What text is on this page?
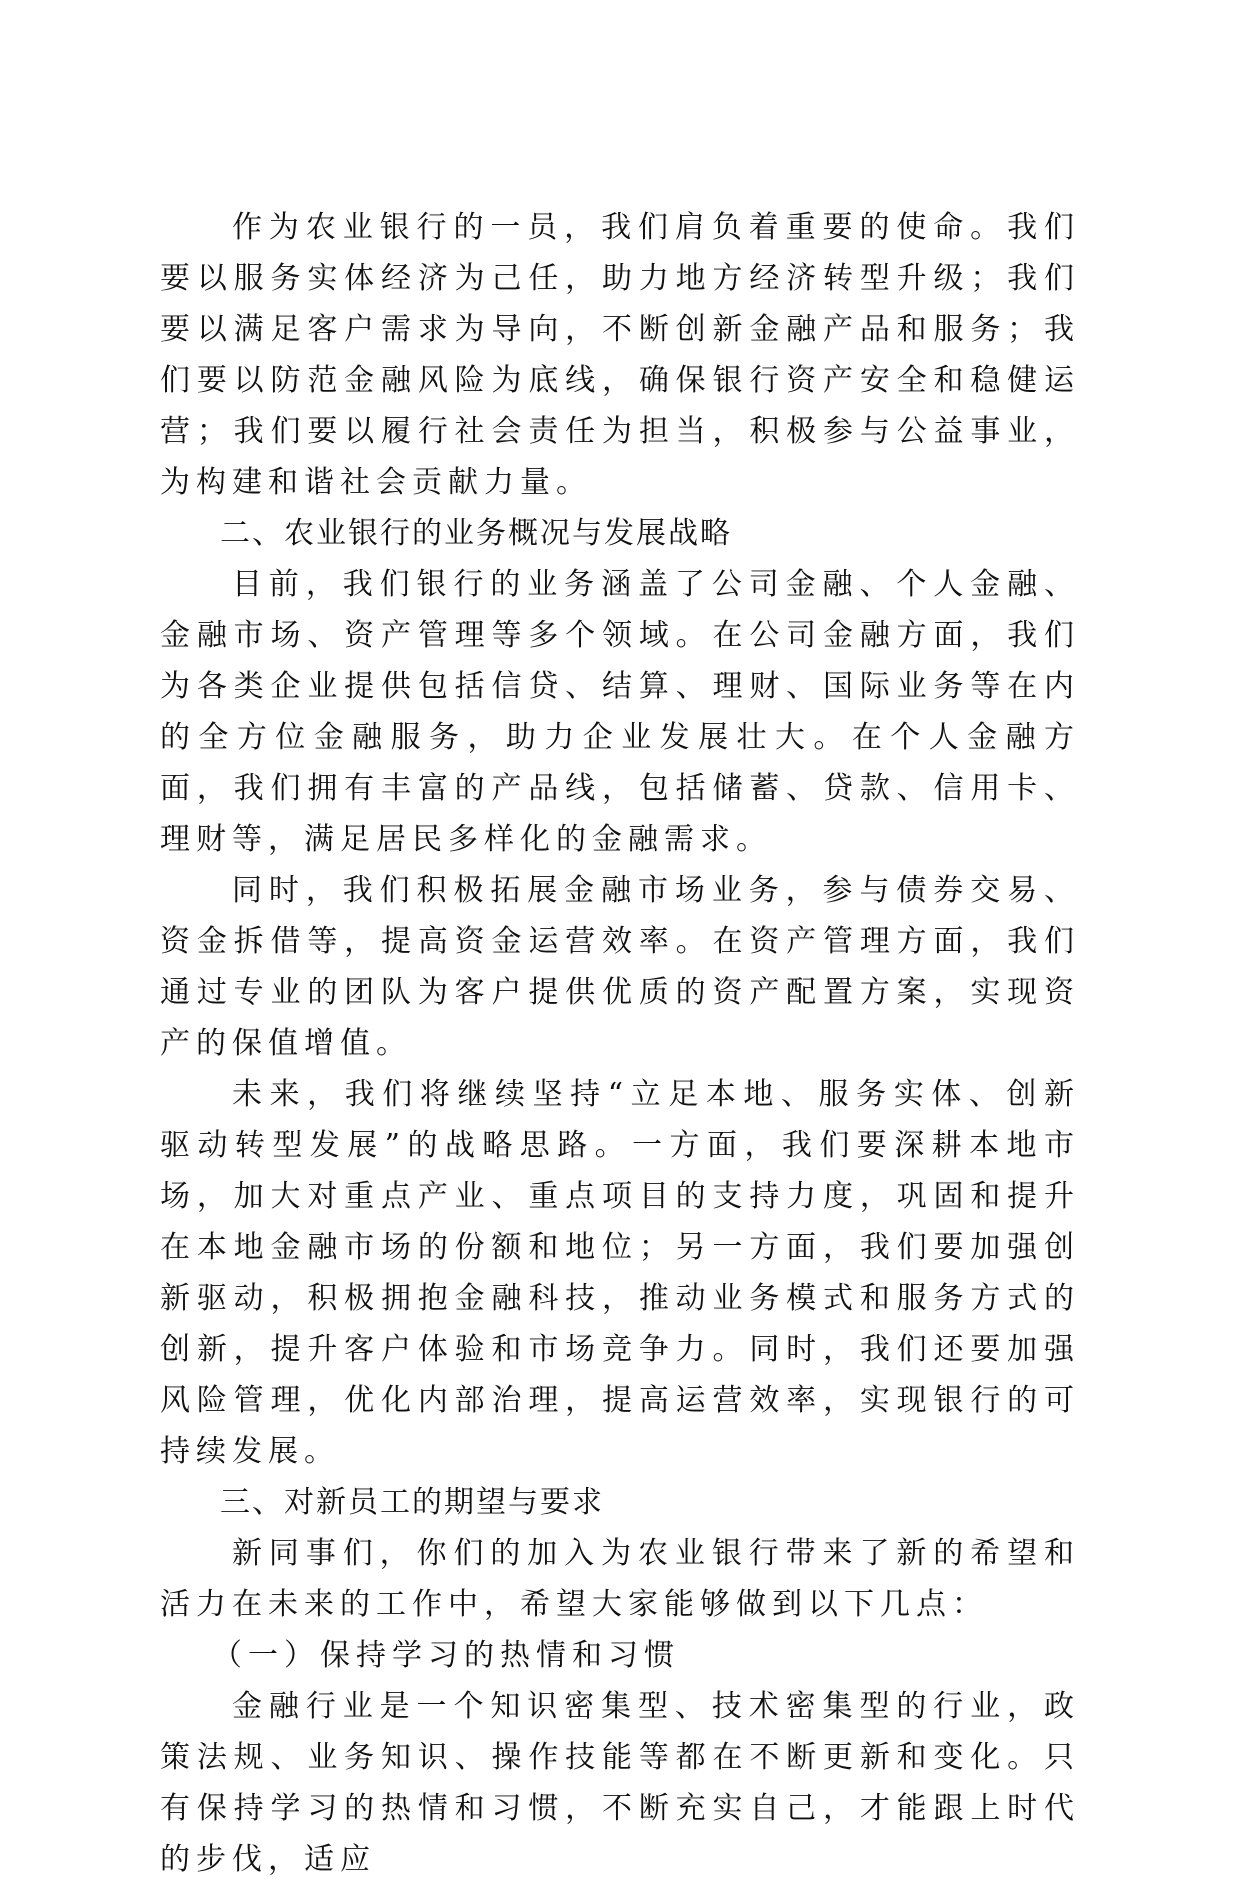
作为农业银行的一员，我们肩负着重要的使命。我们要以服务实体经济为己任，助力地方经济转型升级；我们要以满足客户需求为导向，不断创新金融产品和服务；我们要以防范金融风险为底线，确保银行资产安全和稳健运营；我们要以履行社会责任为担当，积极参与公益事业，为构建和谐社会贡献力量。

二、农业银行的业务概况与发展战略

目前，我们银行的业务涵盖了公司金融、个人金融、金融市场、资产管理等多个领域。在公司金融方面，我们为各类企业提供包括信贷、结算、理财、国际业务等在内的全方位金融服务，助力企业发展壮大。在个人金融方面，我们拥有丰富的产品线，包括储蓄、贷款、信用卡、理财等，满足居民多样化的金融需求。

同时，我们积极拓展金融市场业务，参与债券交易、资金拆借等，提高资金运营效率。在资产管理方面，我们通过专业的团队为客户提供优质的资产配置方案，实现资产的保值增值。

未来，我们将继续坚持“立足本地、服务实体、创新驱动转型发展”的战略思路。一方面，我们要深耕本地市场，加大对重点产业、重点项目的支持力度，巩固和提升在本地金融市场的份额和地位；另一方面，我们要加强创新驱动，积极拥抱金融科技，推动业务模式和服务方式的创新，提升客户体验和市场竞争力。同时，我们还要加强风险管理，优化内部治理，提高运营效率，实现银行的可持续发展。

三、对新员工的期望与要求

新同事们，你们的加入为农业银行带来了新的希望和活力在未来的工作中，希望大家能够做到以下几点：

（一）保持学习的热情和习惯

金融行业是一个知识密集型、技术密集型的行业，政策法规、业务知识、操作技能等都在不断更新和变化。只有保持学习的热情和习惯，不断充实自己，才能跟上时代的步伐，适应
